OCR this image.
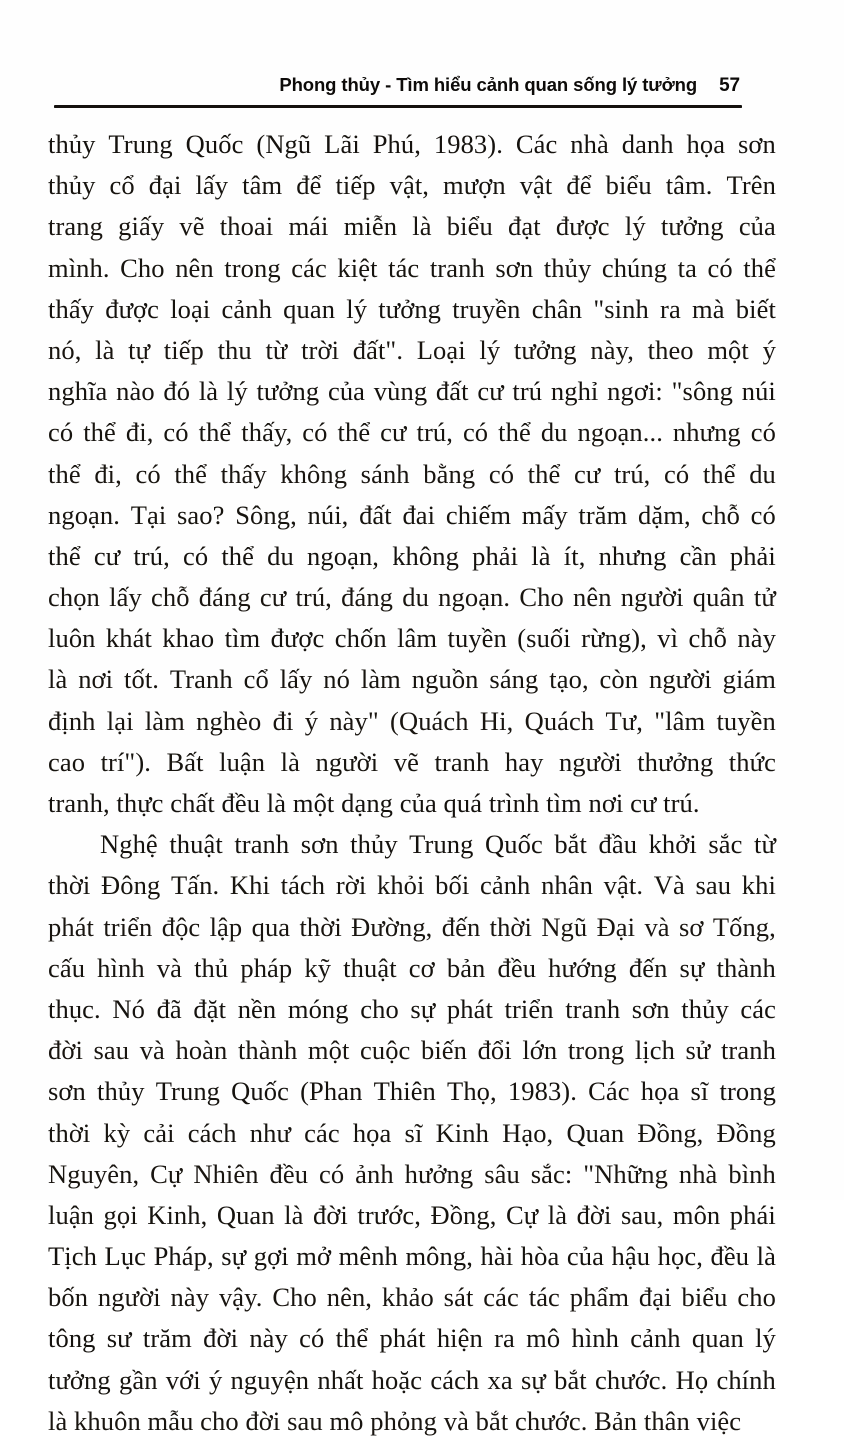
Phong thủy - Tìm hiểu cảnh quan sống lý tưởng 57
thủy Trung Quốc (Ngũ Lãi Phú, 1983). Các nhà danh họa sơn
thủy cổ đại lấy tâm để tiếp vật, mượn vật để biểu tâm. Trên
trang giấy vẽ thoai mái miễn là biểu đạt được lý tưởng của
mình. Cho nên trong các kiệt tác tranh sơn thủy chúng ta có thể
thấy được loại cảnh quan lý tưởng truyền chân "sinh ra mà biết
nó, là tự tiếp thu từ trời đất". Loại lý tưởng này, theo một ý
nghĩa nào đó là lý tưởng của vùng đất cư trú nghỉ ngơi: "sông núi
có thể đi, có thể thấy, có thể cư trú, có thể du ngoạn... nhưng có
thể đi, có thể thấy không sánh bằng có thể cư trú, có thể du
ngoạn. Tại sao? Sông, núi, đất đai chiếm mấy trăm dặm, chỗ có
thể cư trú, có thể du ngoạn, không phải là ít, nhưng cần phải
chọn lấy chỗ đáng cư trú, đáng du ngoạn. Cho nên người quân tử
luôn khát khao tìm được chốn lâm tuyền (suối rừng), vì chỗ này
là nơi tốt. Tranh cổ lấy nó làm nguồn sáng tạo, còn người giám
định lại làm nghèo đi ý này" (Quách Hi, Quách Tư, "lâm tuyền
cao trí"). Bất luận là người vẽ tranh hay người thưởng thức
tranh, thực chất đều là một dạng của quá trình tìm nơi cư trú.
Nghệ thuật tranh sơn thủy Trung Quốc bắt đầu khởi sắc từ
thời Đông Tấn. Khi tách rời khỏi bối cảnh nhân vật. Và sau khi
phát triển độc lập qua thời Đường, đến thời Ngũ Đại và sơ Tống,
cấu hình và thủ pháp kỹ thuật cơ bản đều hướng đến sự thành
thục. Nó đã đặt nền móng cho sự phát triển tranh sơn thủy các
đời sau và hoàn thành một cuộc biến đổi lớn trong lịch sử tranh
sơn thủy Trung Quốc (Phan Thiên Thọ, 1983). Các họa sĩ trong
thời kỳ cải cách như các họa sĩ Kinh Hạo, Quan Đồng, Đồng
Nguyên, Cự Nhiên đều có ảnh hưởng sâu sắc: "Những nhà bình
luận gọi Kinh, Quan là đời trước, Đồng, Cự là đời sau, môn phái
Tịch Lục Pháp, sự gợi mở mênh mông, hài hòa của hậu học, đều là
bốn người này vậy. Cho nên, khảo sát các tác phẩm đại biểu cho
tông sư trăm đời này có thể phát hiện ra mô hình cảnh quan lý
tưởng gần với ý nguyện nhất hoặc cách xa sự bắt chước. Họ chính
là khuôn mẫu cho đời sau mô phỏng và bắt chước. Bản thân việc
